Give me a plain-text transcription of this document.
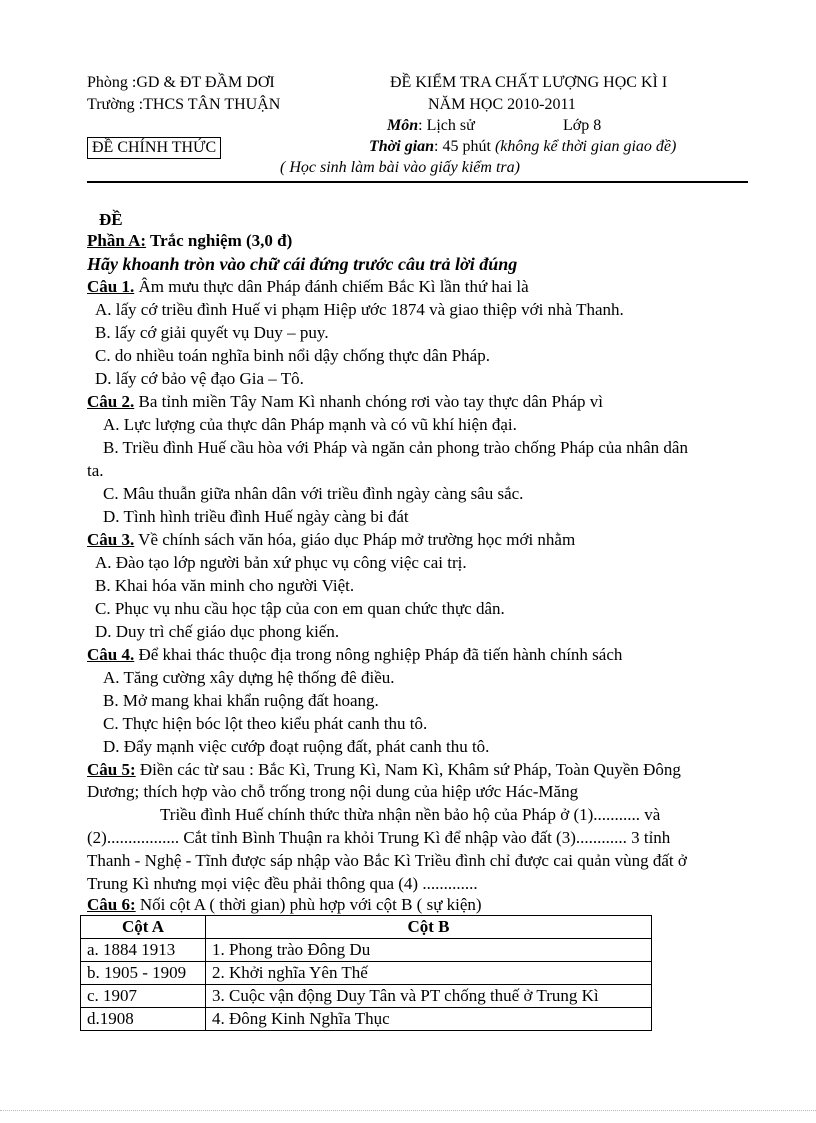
Phòng :GD & ĐT ĐẦM DƠI
Trường :THCS TÂN THUẬN
ĐỀ KIỂM TRA CHẤT LƯỢNG HỌC KÌ I
NĂM HỌC 2010-2011
Môn: Lịch sử	Lớp 8
ĐỀ CHÍNH THỨC	Thời gian: 45 phút (không kể thời gian giao đề)
( Học sinh làm bài vào giấy kiểm tra)
ĐỀ
Phần A: Trắc nghiệm (3,0 đ)
Hãy khoanh tròn vào chữ cái đứng trước câu trả lời đúng
Câu 1. Âm mưu thực dân Pháp đánh chiếm Bắc Kì lần thứ hai là
A. lấy cớ triều đình Huế vi phạm Hiệp ước 1874 và giao thiệp với nhà Thanh.
B. lấy cớ giải quyết vụ Duy – puy.
C. do nhiều toán nghĩa binh nổi dậy chống thực dân Pháp.
D. lấy cớ bảo vệ đạo Gia – Tô.
Câu 2. Ba tỉnh miền Tây Nam Kì nhanh chóng rơi vào tay thực dân Pháp vì
A. Lực lượng của thực dân Pháp mạnh và có vũ khí hiện đại.
B. Triều đình Huế cầu hòa với Pháp và ngăn cản phong trào chống Pháp của nhân dân
ta.
C. Mâu thuẫn giữa nhân dân với triều đình ngày càng sâu sắc.
D. Tình hình triều đình Huế ngày càng bi đát
Câu 3. Về chính sách văn hóa, giáo dục Pháp mở trường học mới nhằm
A. Đào tạo lớp người bản xứ phục vụ công việc cai trị.
B. Khai hóa văn minh cho người Việt.
C. Phục vụ nhu cầu học tập của con em quan chức thực dân.
D. Duy trì chế giáo dục phong kiến.
Câu 4. Để khai thác thuộc địa trong nông nghiệp Pháp đã tiến hành chính sách
A. Tăng cường xây dựng hệ thống đê điều.
B. Mở mang khai khẩn ruộng đất hoang.
C. Thực hiện bóc lột theo kiểu phát canh thu tô.
D. Đẩy mạnh việc cướp đoạt ruộng đất, phát canh thu tô.
Câu 5: Điền các từ sau : Bắc Kì, Trung Kì, Nam Kì, Khâm sứ Pháp, Toàn Quyền Đông
Dương; thích hợp vào chỗ trống trong nội dung của hiệp ước Hác-Măng
Triều đình Huế chính thức thừa nhận nền bảo hộ của Pháp ở (1)........... và
(2)................. Cắt tỉnh Bình Thuận ra khỏi Trung Kì để nhập vào đất (3)............ 3 tỉnh
Thanh - Nghệ - Tĩnh được sáp nhập vào Bắc Kì Triều đình chỉ được cai quản vùng đất ở
Trung Kì nhưng mọi việc đều phải thông qua (4) .............
Câu 6: Nối cột A ( thời gian) phù hợp với cột B ( sự kiện)
Cột A	Cột B
a. 1884 1913	1. Phong trào Đông Du
b. 1905 - 1909	2. Khởi nghĩa Yên Thế
c. 1907	3. Cuộc vận động Duy Tân và PT chống thuế ở Trung Kì
d.1908	4. Đông Kinh Nghĩa Thục
